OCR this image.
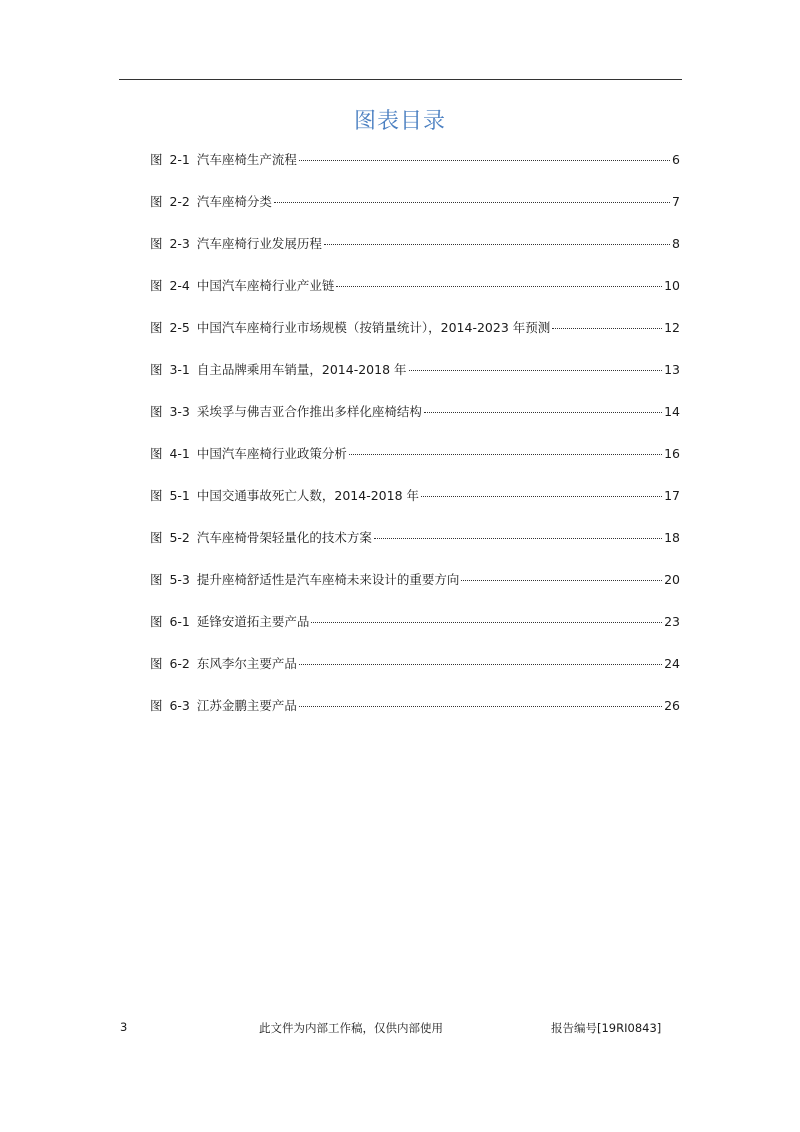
图表目录
图 2-1 汽车座椅生产流程	6
图 2-2 汽车座椅分类	7
图 2-3 汽车座椅行业发展历程	8
图 2-4 中国汽车座椅行业产业链	10
图 2-5 中国汽车座椅行业市场规模（按销量统计），2014-2023 年预测	12
图 3-1 自主品牌乘用车销量，2014-2018 年	13
图 3-3 采埃孚与佛吉亚合作推出多样化座椅结构	14
图 4-1 中国汽车座椅行业政策分析	16
图 5-1 中国交通事故死亡人数，2014-2018 年	17
图 5-2 汽车座椅骨架轻量化的技术方案	18
图 5-3 提升座椅舒适性是汽车座椅未来设计的重要方向	20
图 6-1 延锋安道拓主要产品	23
图 6-2 东风李尔主要产品	24
图 6-3 江苏金鹏主要产品	26
3	此文件为内部工作稿，仅供内部使用	报告编号[19RI0843]
